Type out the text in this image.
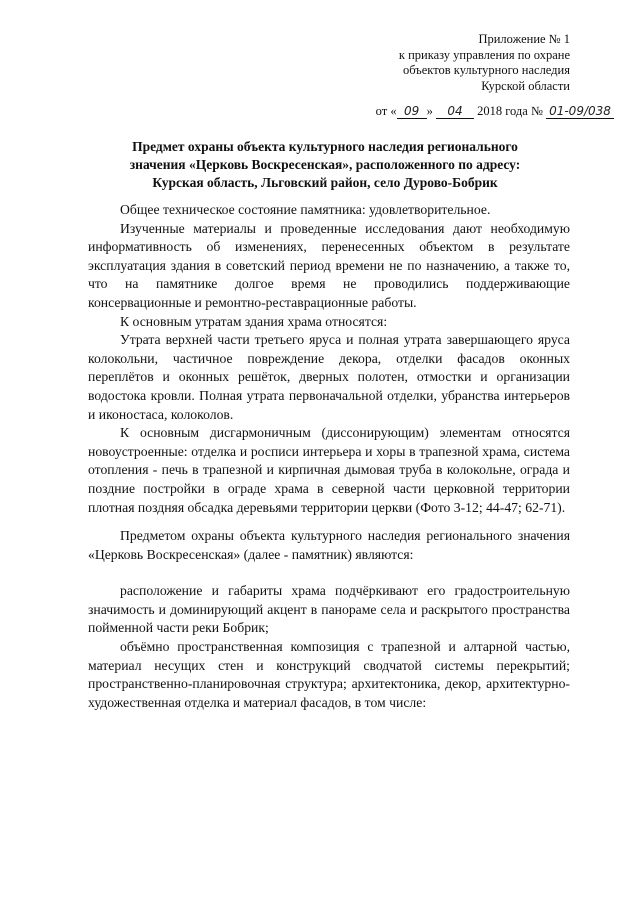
Приложение № 1
к приказу управления по охране
объектов культурного наследия
Курской области
от « 09 » 04 2018 года № 01-09/038
Предмет охраны объекта культурного наследия регионального
значения «Церковь Воскресенская», расположенного по адресу:
Курская область, Льговский район, село Дурово-Бобрик

Общее техническое состояние памятника: удовлетворительное.

Изученные материалы и проведенные исследования дают необходимую информативность об изменениях, перенесенных объектом в результате эксплуатация здания в советский период времени не по назначению, а также то, что на памятнике долгое время не проводились поддерживающие консервационные и ремонтно-реставрационные работы.

К основным утратам здания храма относятся:

Утрата верхней части третьего яруса и полная утрата завершающего яруса колокольни, частичное повреждение декора, отделки фасадов оконных переплётов и оконных решёток, дверных полотен, отмостки и организации водостока кровли. Полная утрата первоначальной отделки, убранства интерьеров и иконостаса, колоколов.

К основным дисгармоничным (диссонирующим) элементам относятся новоустроенные: отделка и росписи интерьера и хоры в трапезной храма, система отопления - печь в трапезной и кирпичная дымовая труба в колокольне, ограда и поздние постройки в ограде храма в северной части церковной территории плотная поздняя обсадка деревьями территории церкви (Фото 3-12; 44-47; 62-71).

Предметом охраны объекта культурного наследия регионального значения «Церковь Воскресенская» (далее - памятник) являются:

расположение и габариты храма подчёркивают его градостроительную значимость и доминирующий акцент в панораме села и раскрытого пространства пойменной части реки Бобрик;

объёмно пространственная композиция с трапезной и алтарной частью, материал несущих стен и конструкций сводчатой системы перекрытий; пространственно-планировочная структура; архитектоника, декор, архитектурно-художественная отделка и материал фасадов, в том числе:
